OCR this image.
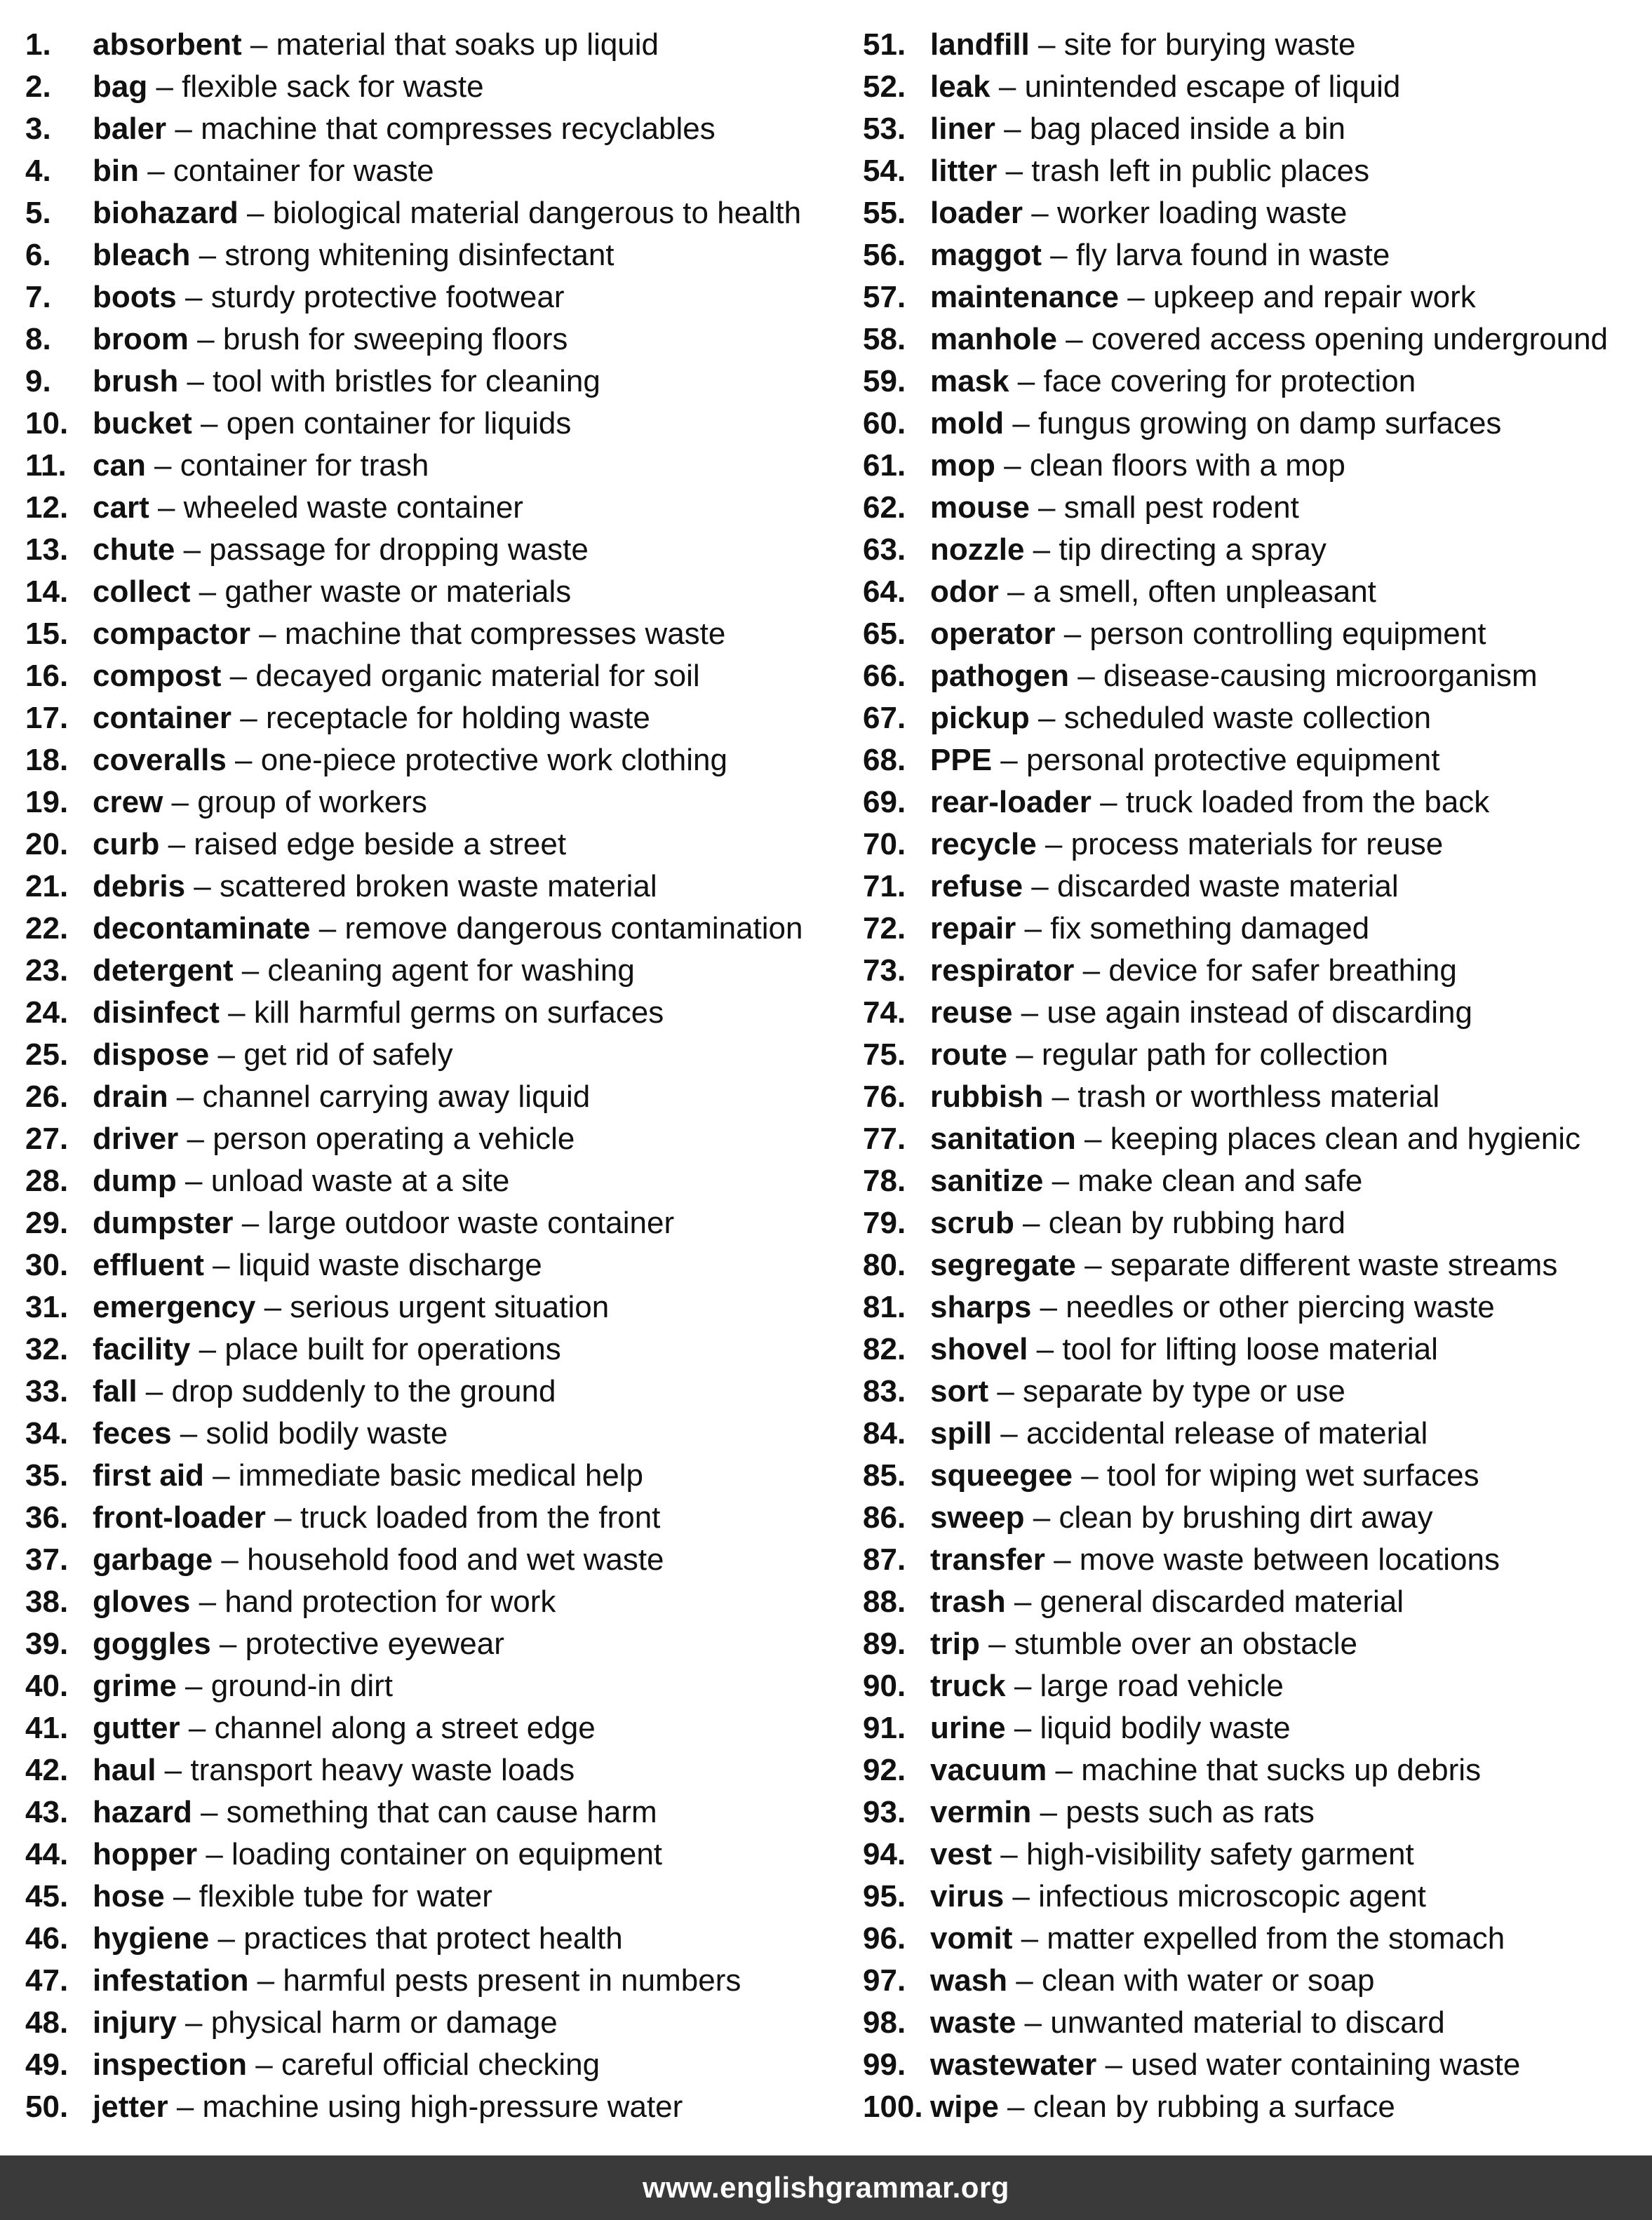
1.	absorbent – material that soaks up liquid
2.	bag – flexible sack for waste
3.	baler – machine that compresses recyclables
4.	bin – container for waste
5.	biohazard – biological material dangerous to health
6.	bleach – strong whitening disinfectant
7.	boots – sturdy protective footwear
8.	broom – brush for sweeping floors
9.	brush – tool with bristles for cleaning
10. bucket – open container for liquids
11. can – container for trash
12. cart – wheeled waste container
13. chute – passage for dropping waste
14. collect – gather waste or materials
15. compactor – machine that compresses waste
16. compost – decayed organic material for soil
17. container – receptacle for holding waste
18. coveralls – one-piece protective work clothing
19. crew – group of workers
20. curb – raised edge beside a street
21. debris – scattered broken waste material
22. decontaminate – remove dangerous contamination
23. detergent – cleaning agent for washing
24. disinfect – kill harmful germs on surfaces
25. dispose – get rid of safely
26. drain – channel carrying away liquid
27. driver – person operating a vehicle
28. dump – unload waste at a site
29. dumpster – large outdoor waste container
30. effluent – liquid waste discharge
31. emergency – serious urgent situation
32. facility – place built for operations
33. fall – drop suddenly to the ground
34. feces – solid bodily waste
35. first aid – immediate basic medical help
36. front-loader – truck loaded from the front
37. garbage – household food and wet waste
38. gloves – hand protection for work
39. goggles – protective eyewear
40. grime – ground-in dirt
41. gutter – channel along a street edge
42. haul – transport heavy waste loads
43. hazard – something that can cause harm
44. hopper – loading container on equipment
45. hose – flexible tube for water
46. hygiene – practices that protect health
47. infestation – harmful pests present in numbers
48. injury – physical harm or damage
49. inspection – careful official checking
50. jetter – machine using high-pressure water
51. landfill – site for burying waste
52. leak – unintended escape of liquid
53. liner – bag placed inside a bin
54. litter – trash left in public places
55. loader – worker loading waste
56. maggot – fly larva found in waste
57. maintenance – upkeep and repair work
58. manhole – covered access opening underground
59. mask – face covering for protection
60. mold – fungus growing on damp surfaces
61. mop – clean floors with a mop
62. mouse – small pest rodent
63. nozzle – tip directing a spray
64. odor – a smell, often unpleasant
65. operator – person controlling equipment
66. pathogen – disease-causing microorganism
67. pickup – scheduled waste collection
68. PPE – personal protective equipment
69. rear-loader – truck loaded from the back
70. recycle – process materials for reuse
71. refuse – discarded waste material
72. repair – fix something damaged
73. respirator – device for safer breathing
74. reuse – use again instead of discarding
75. route – regular path for collection
76. rubbish – trash or worthless material
77. sanitation – keeping places clean and hygienic
78. sanitize – make clean and safe
79. scrub – clean by rubbing hard
80. segregate – separate different waste streams
81. sharps – needles or other piercing waste
82. shovel – tool for lifting loose material
83. sort – separate by type or use
84. spill – accidental release of material
85. squeegee – tool for wiping wet surfaces
86. sweep – clean by brushing dirt away
87. transfer – move waste between locations
88. trash – general discarded material
89. trip – stumble over an obstacle
90. truck – large road vehicle
91. urine – liquid bodily waste
92. vacuum – machine that sucks up debris
93. vermin – pests such as rats
94. vest – high-visibility safety garment
95. virus – infectious microscopic agent
96. vomit – matter expelled from the stomach
97. wash – clean with water or soap
98. waste – unwanted material to discard
99. wastewater – used water containing waste
100. wipe – clean by rubbing a surface
www.englishgrammar.org
